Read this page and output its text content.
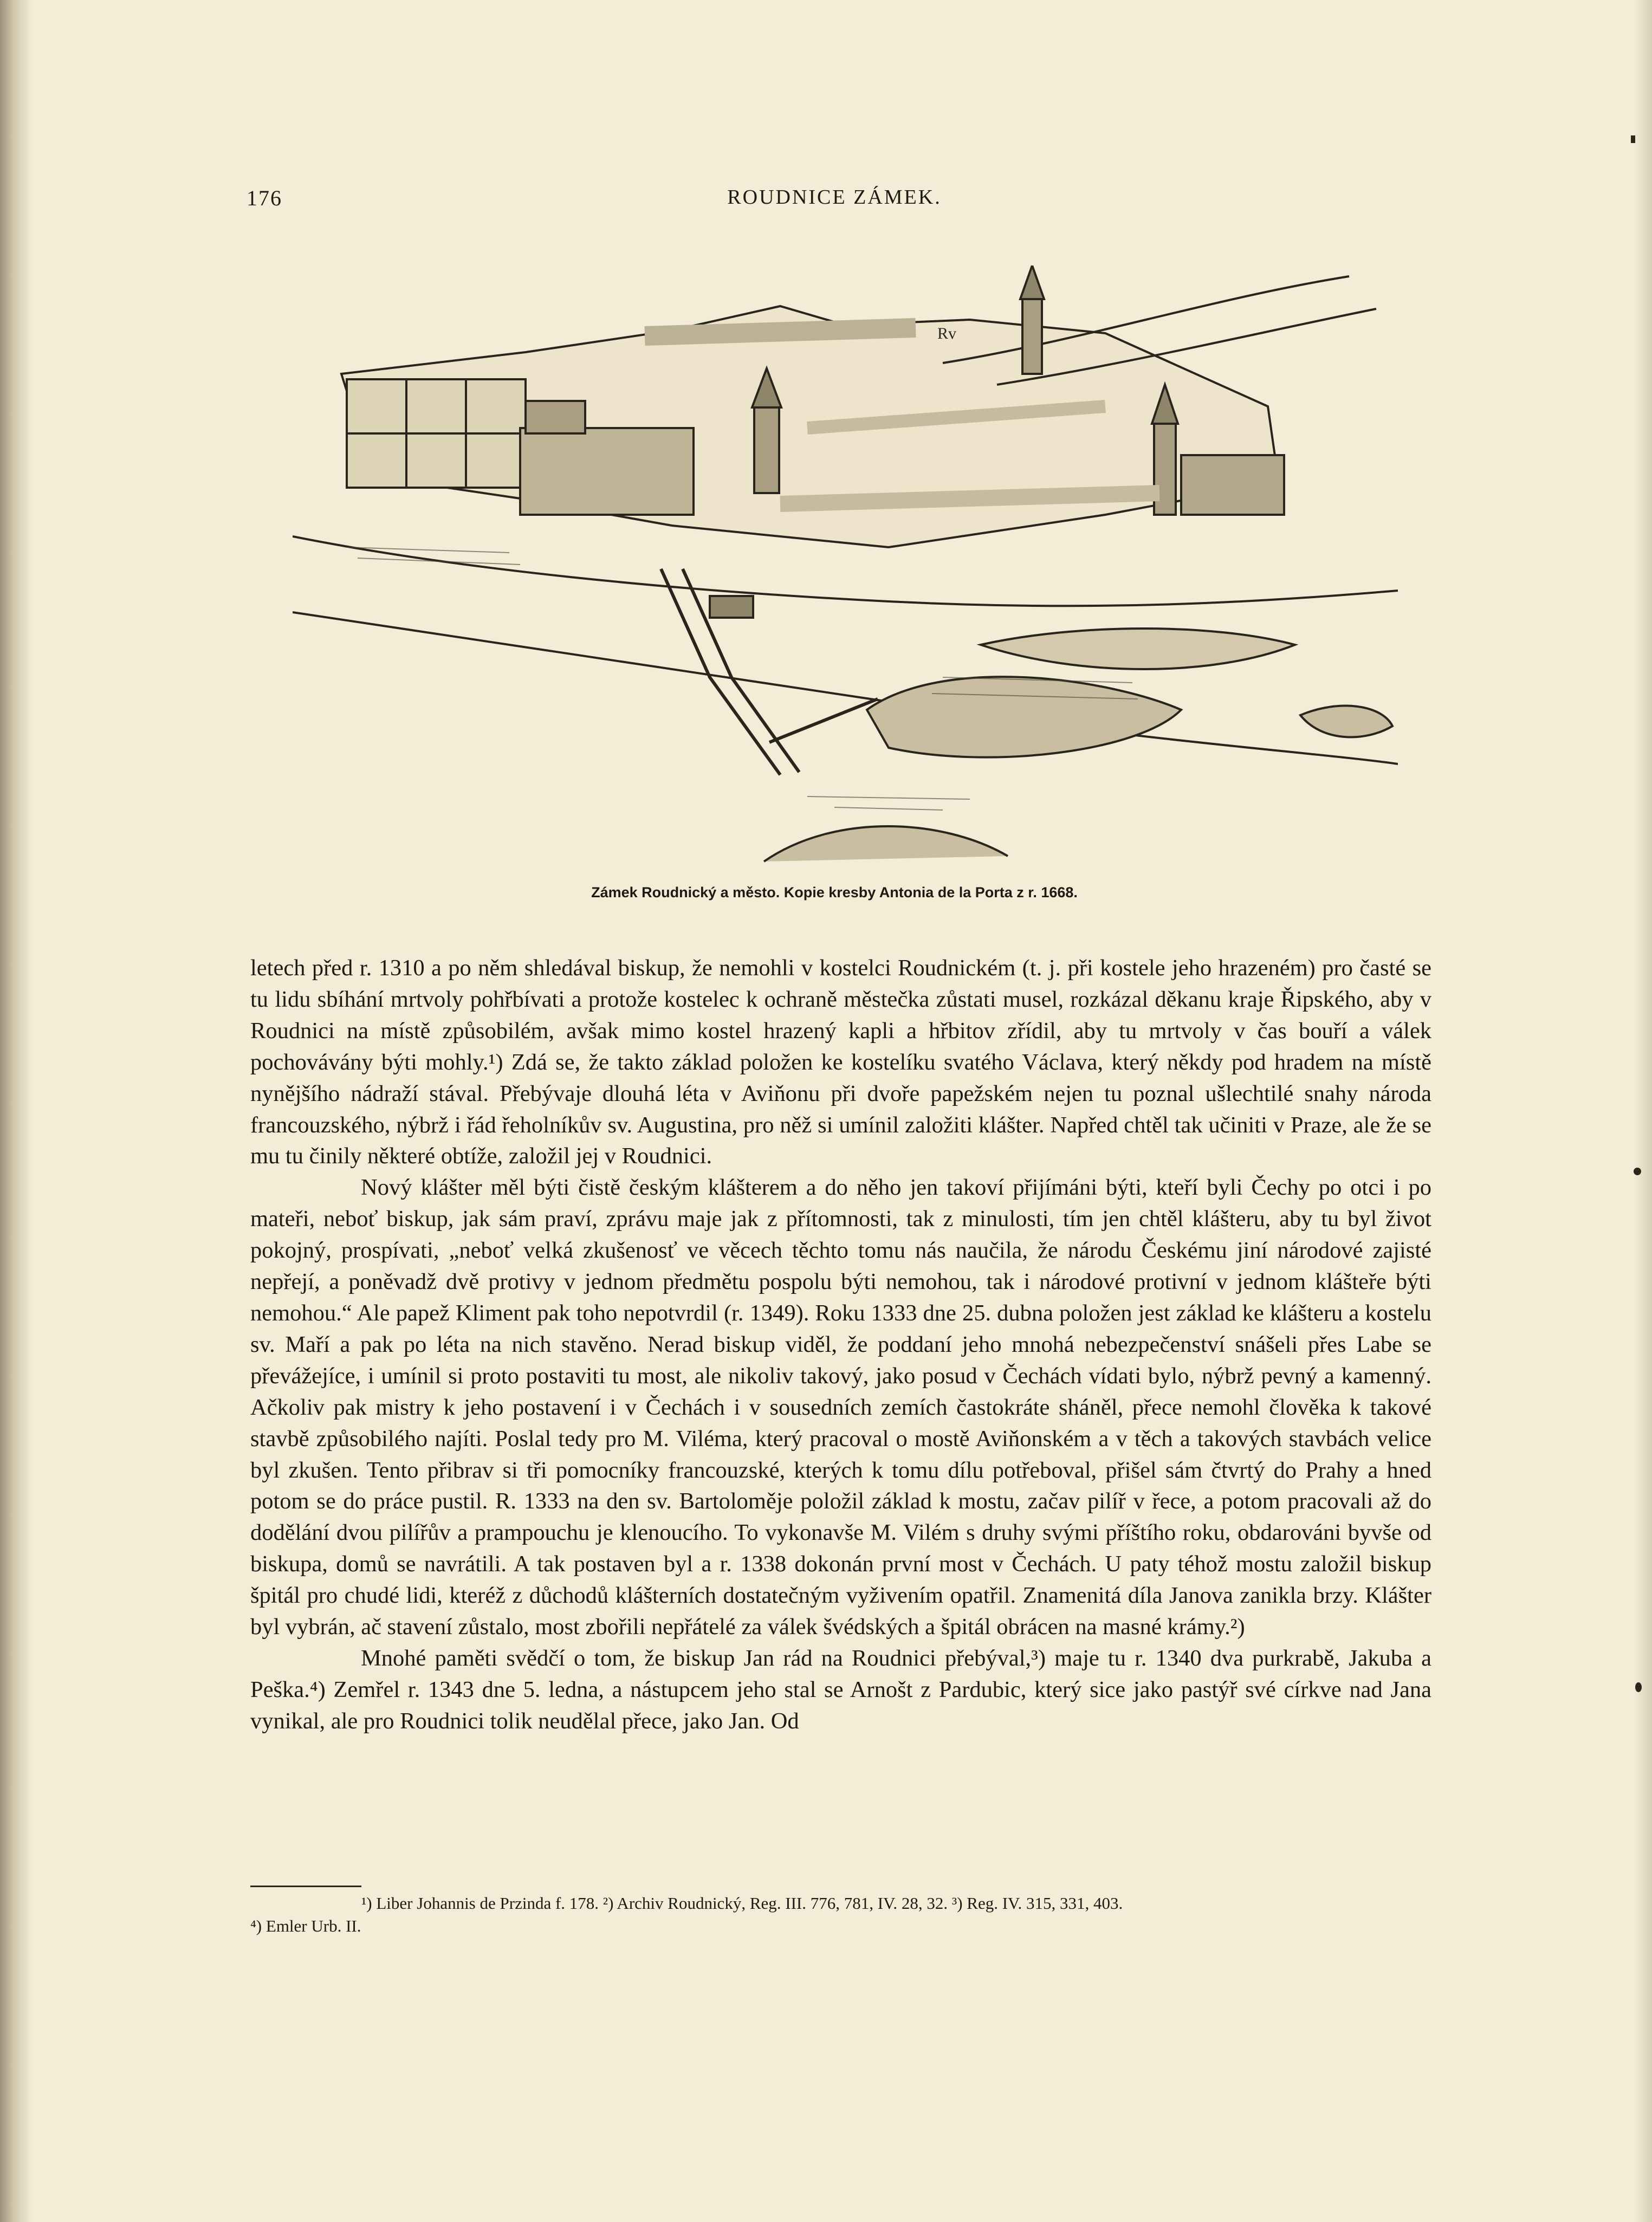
176	ROUDNICE ZÁMEK.
Rv
Zámek Roudnický a město. Kopie kresby Antonia de la Porta z r. 1668.

letech před r. 1310 a po něm shledával biskup, že nemohli v kostelci Roudnickém (t. j. při kostele jeho hrazeném) pro časté se tu lidu sbíhání mrtvoly pohřbívati a protože kostelec k ochraně městečka zůstati musel, rozkázal děkanu kraje Řipského, aby v Roudnici na místě způsobilém, avšak mimo kostel hrazený kapli a hřbitov zřídil, aby tu mrtvoly v čas bouří a válek pochovávány býti mohly.¹) Zdá se, že takto základ položen ke kostelíku svatého Václava, který někdy pod hradem na místě nynějšího nádraží stával. Přebývaje dlouhá léta v Aviňonu při dvoře papežském nejen tu poznal ušlechtilé snahy národa francouzského, nýbrž i řád řeholníkův sv. Augustina, pro něž si umínil založiti klášter. Napřed chtěl tak učiniti v Praze, ale že se mu tu činily některé obtíže, založil jej v Roudnici.

Nový klášter měl býti čistě českým klášterem a do něho jen takoví přijímáni býti, kteří byli Čechy po otci i po mateři, neboť biskup, jak sám praví, zprávu maje jak z přítomnosti, tak z minulosti, tím jen chtěl klášteru, aby tu byl život pokojný, prospívati, „neboť velká zkušenosť ve věcech těchto tomu nás naučila, že národu Českému jiní národové zajisté nepřejí, a poněvadž dvě protivy v jednom předmětu pospolu býti nemohou, tak i národové protivní v jednom klášteře býti nemohou.“ Ale papež Kliment pak toho nepotvrdil (r. 1349). Roku 1333 dne 25. dubna položen jest základ ke klášteru a kostelu sv. Maří a pak po léta na nich stavěno. Nerad biskup viděl, že poddaní jeho mnohá nebezpečenství snášeli přes Labe se převážejíce, i umínil si proto postaviti tu most, ale nikoliv takový, jako posud v Čechách vídati bylo, nýbrž pevný a kamenný. Ačkoliv pak mistry k jeho postavení i v Čechách i v sousedních zemích častokráte sháněl, přece nemohl člověka k takové stavbě způsobilého najíti. Poslal tedy pro M. Viléma, který pracoval o mostě Aviňonském a v těch a takových stavbách velice byl zkušen. Tento přibrav si tři pomocníky francouzské, kterých k tomu dílu potřeboval, přišel sám čtvrtý do Prahy a hned potom se do práce pustil. R. 1333 na den sv. Bartoloměje položil základ k mostu, začav pilíř v řece, a potom pracovali až do dodělání dvou pilířův a prampouchu je klenoucího. To vykonavše M. Vilém s druhy svými příštího roku, obdarováni byvše od biskupa, domů se navrátili. A tak postaven byl a r. 1338 dokonán první most v Čechách. U paty téhož mostu založil biskup špitál pro chudé lidi, kteréž z důchodů klášterních dostatečným vyživením opatřil. Znamenitá díla Janova zanikla brzy. Klášter byl vybrán, ač stavení zůstalo, most zbořili nepřátelé za válek švédských a špitál obrácen na masné krámy.²)

Mnohé paměti svědčí o tom, že biskup Jan rád na Roudnici přebýval,³) maje tu r. 1340 dva purkrabě, Jakuba a Peška.⁴) Zemřel r. 1343 dne 5. ledna, a nástupcem jeho stal se Arnošt z Pardubic, který sice jako pastýř své církve nad Jana vynikal, ale pro Roudnici tolik neudělal přece, jako Jan. Od

¹) Liber Johannis de Przinda f. 178. ²) Archiv Roudnický, Reg. III. 776, 781, IV. 28, 32. ³) Reg. IV. 315, 331, 403.

⁴) Emler Urb. II.
